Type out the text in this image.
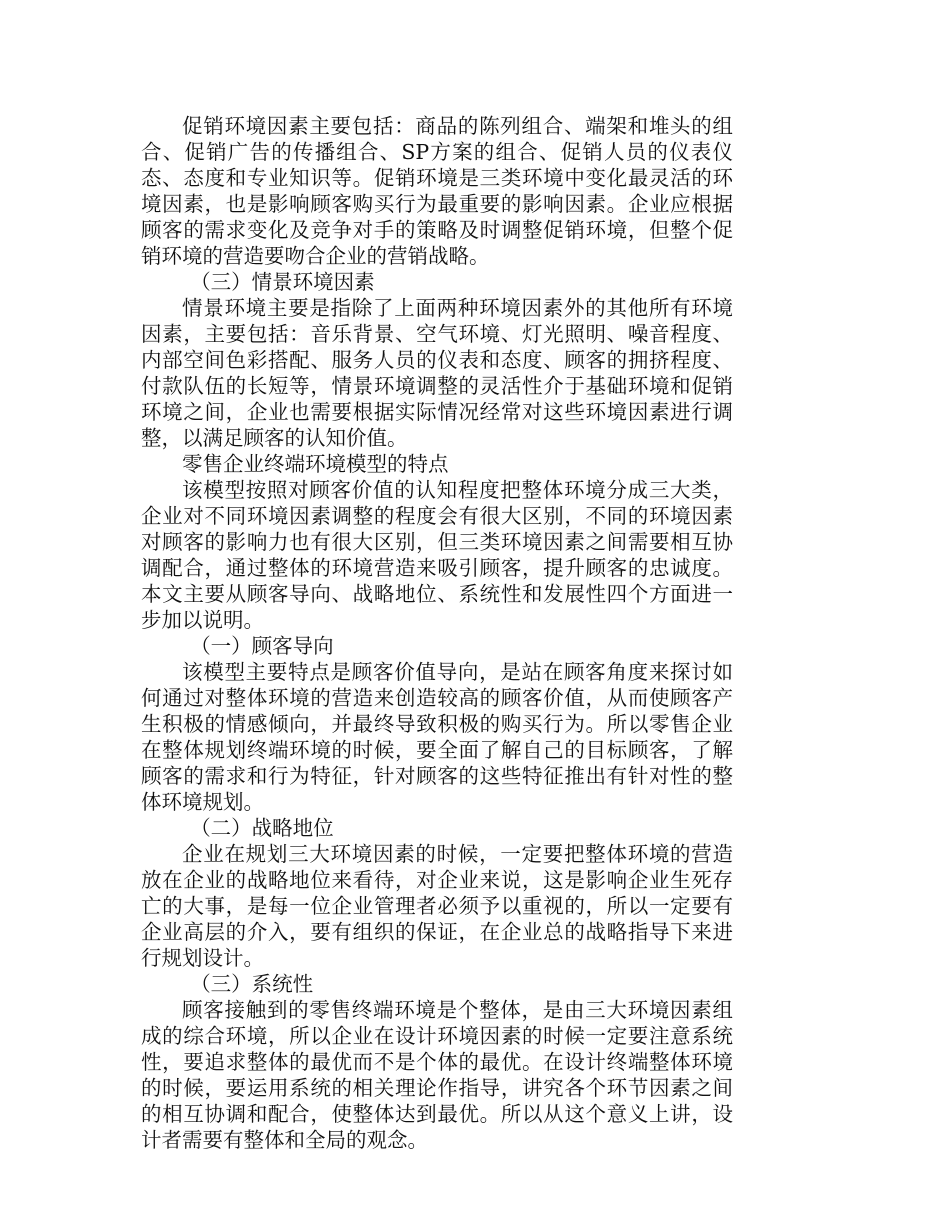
促销环境因素主要包括：商品的陈列组合、端架和堆头的组合、促销广告的传播组合、SP方案的组合、促销人员的仪表仪态、态度和专业知识等。促销环境是三类环境中变化最灵活的环境因素，也是影响顾客购买行为最重要的影响因素。企业应根据顾客的需求变化及竞争对手的策略及时调整促销环境，但整个促销环境的营造要吻合企业的营销战略。

（三）情景环境因素

情景环境主要是指除了上面两种环境因素外的其他所有环境因素，主要包括：音乐背景、空气环境、灯光照明、噪音程度、内部空间色彩搭配、服务人员的仪表和态度、顾客的拥挤程度、付款队伍的长短等，情景环境调整的灵活性介于基础环境和促销环境之间，企业也需要根据实际情况经常对这些环境因素进行调整，以满足顾客的认知价值。

零售企业终端环境模型的特点

该模型按照对顾客价值的认知程度把整体环境分成三大类，企业对不同环境因素调整的程度会有很大区别，不同的环境因素对顾客的影响力也有很大区别，但三类环境因素之间需要相互协调配合，通过整体的环境营造来吸引顾客，提升顾客的忠诚度。本文主要从顾客导向、战略地位、系统性和发展性四个方面进一步加以说明。

（一）顾客导向

该模型主要特点是顾客价值导向，是站在顾客角度来探讨如何通过对整体环境的营造来创造较高的顾客价值，从而使顾客产生积极的情感倾向，并最终导致积极的购买行为。所以零售企业在整体规划终端环境的时候，要全面了解自己的目标顾客，了解顾客的需求和行为特征，针对顾客的这些特征推出有针对性的整体环境规划。

（二）战略地位

企业在规划三大环境因素的时候，一定要把整体环境的营造放在企业的战略地位来看待，对企业来说，这是影响企业生死存亡的大事，是每一位企业管理者必须予以重视的，所以一定要有企业高层的介入，要有组织的保证，在企业总的战略指导下来进行规划设计。

（三）系统性

顾客接触到的零售终端环境是个整体，是由三大环境因素组成的综合环境，所以企业在设计环境因素的时候一定要注意系统性，要追求整体的最优而不是个体的最优。在设计终端整体环境的时候，要运用系统的相关理论作指导，讲究各个环节因素之间的相互协调和配合，使整体达到最优。所以从这个意义上讲，设计者需要有整体和全局的观念。
